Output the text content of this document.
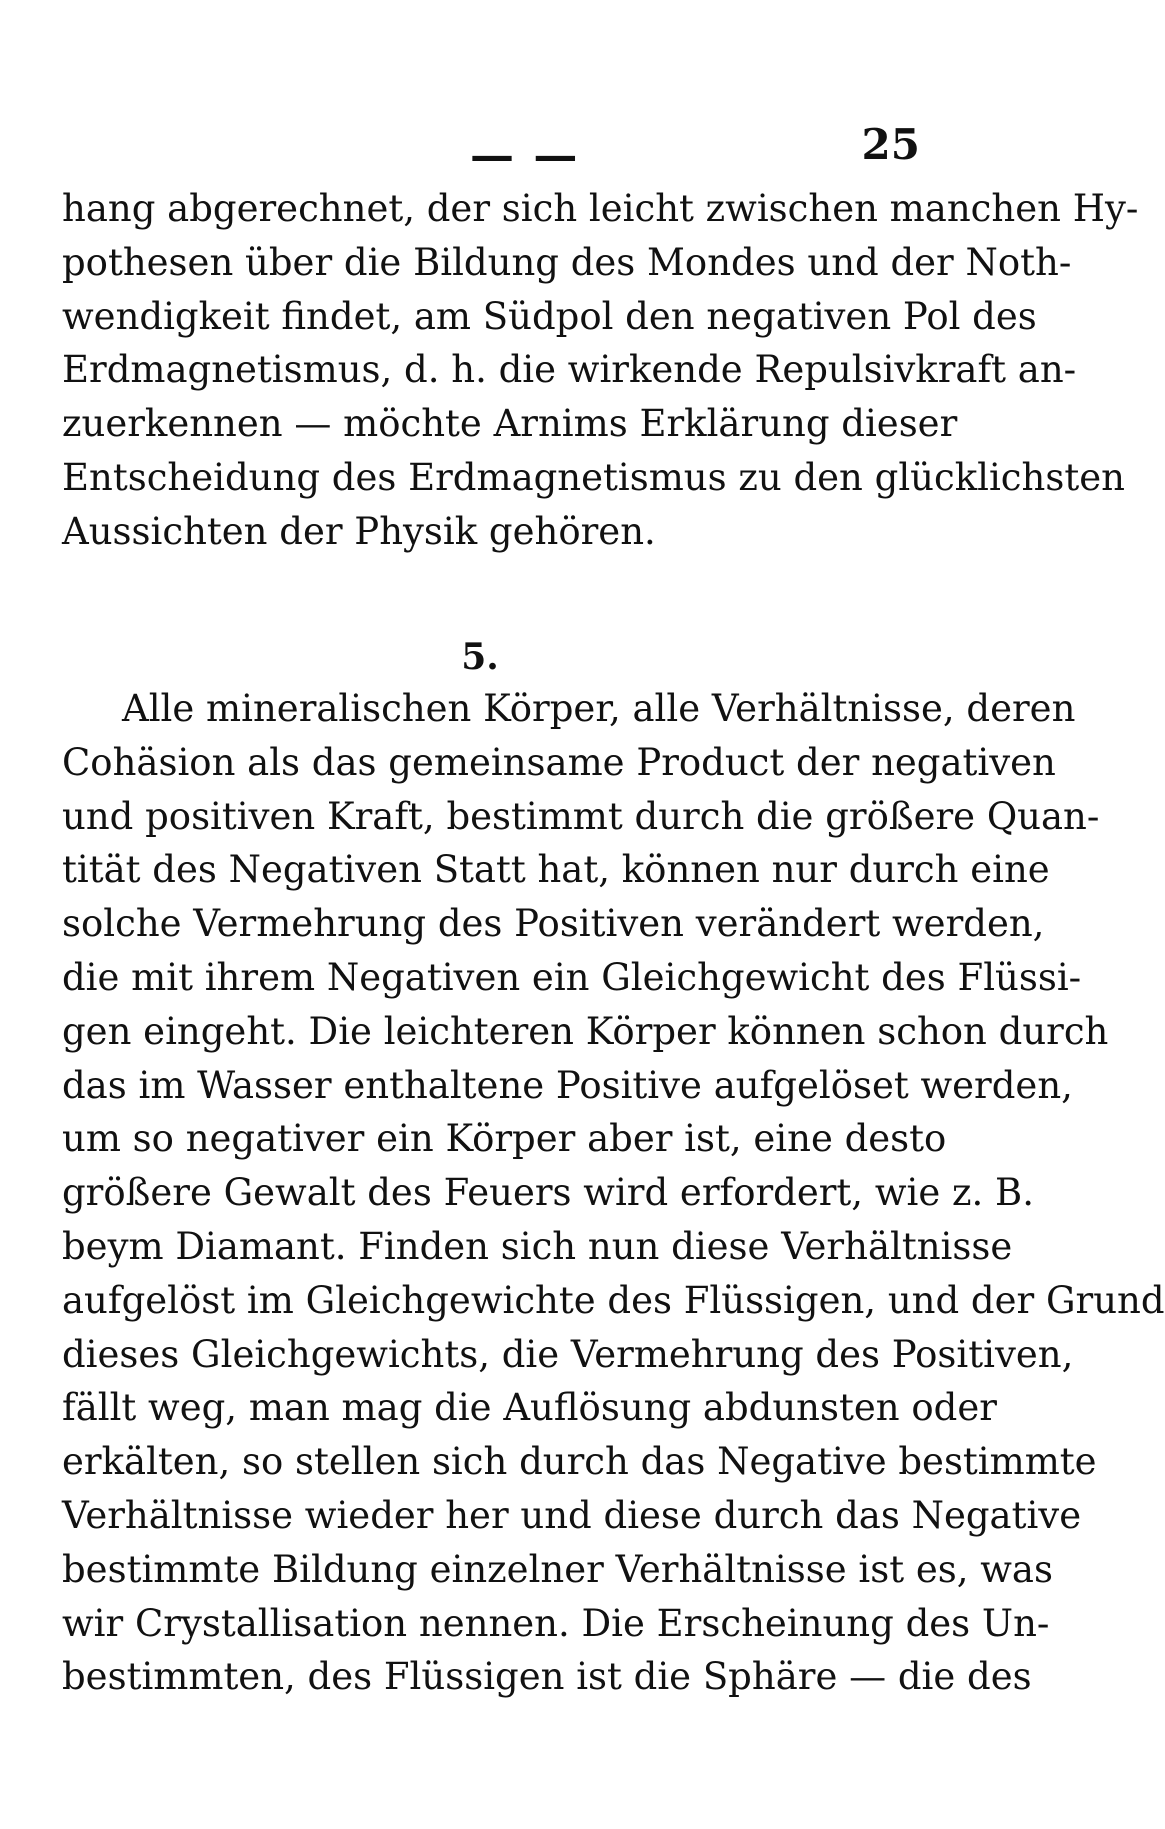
— —	25
hang abgerechnet, der sich leicht zwischen manchen Hy-
pothesen über die Bildung des Mondes und der Noth-
wendigkeit findet, am Südpol den negativen Pol des
Erdmagnetismus, d. h. die wirkende Repulsivkraft an-
zuerkennen — möchte Arnims Erklärung dieser
Entscheidung des Erdmagnetismus zu den glücklichsten
Aussichten der Physik gehören.
5.
Alle mineralischen Körper, alle Verhältnisse, deren
Cohäsion als das gemeinsame Product der negativen
und positiven Kraft, bestimmt durch die größere Quan-
tität des Negativen Statt hat, können nur durch eine
solche Vermehrung des Positiven verändert werden,
die mit ihrem Negativen ein Gleichgewicht des Flüssi-
gen eingeht. Die leichteren Körper können schon durch
das im Wasser enthaltene Positive aufgelöset werden,
um so negativer ein Körper aber ist, eine desto
größere Gewalt des Feuers wird erfordert, wie z. B.
beym Diamant. Finden sich nun diese Verhältnisse
aufgelöst im Gleichgewichte des Flüssigen, und der Grund
dieses Gleichgewichts, die Vermehrung des Positiven,
fällt weg, man mag die Auflösung abdunsten oder
erkälten, so stellen sich durch das Negative bestimmte
Verhältnisse wieder her und diese durch das Negative
bestimmte Bildung einzelner Verhältnisse ist es, was
wir Crystallisation nennen. Die Erscheinung des Un-
bestimmten, des Flüssigen ist die Sphäre — die des
